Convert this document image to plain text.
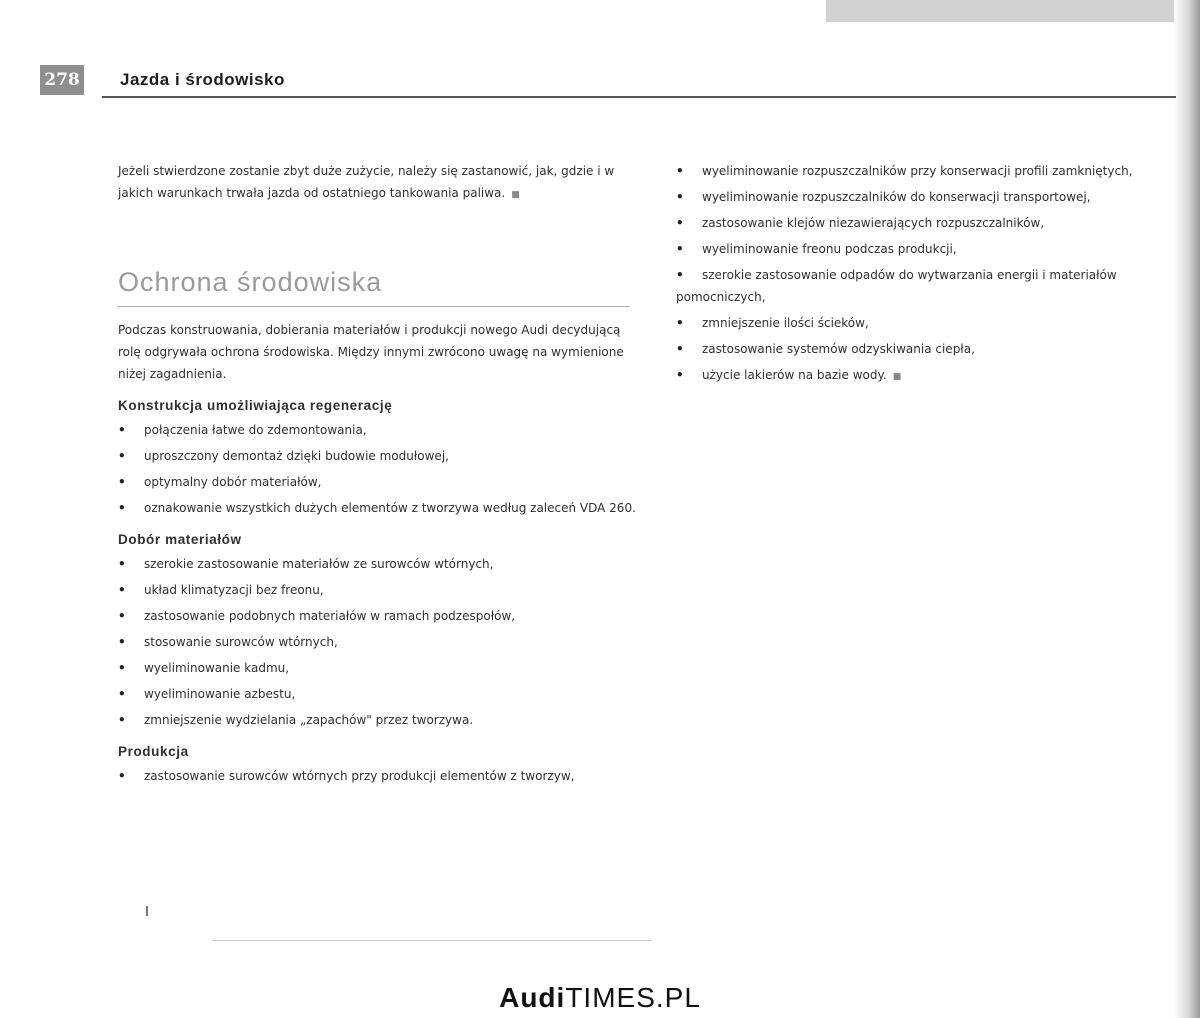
278 Jazda i środowisko

Jeżeli stwierdzone zostanie zbyt duże zużycie, należy się zastanowić, jak, gdzie i w jakich warunkach trwała jazda od ostatniego tankowania paliwa. ■

Ochrona środowiska

Podczas konstruowania, dobierania materiałów i produkcji nowego Audi decydującą rolę odgrywała ochrona środowiska. Między innymi zwrócono uwagę na wymienione niżej zagadnienia.

Konstrukcja umożliwiająca regenerację
• połączenia łatwe do zdemontowania,
• uproszczony demontaż dzięki budowie modułowej,
• optymalny dobór materiałów,
• oznakowanie wszystkich dużych elementów z tworzywa według zaleceń VDA 260.
Dobór materiałów
• szerokie zastosowanie materiałów ze surowców wtórnych,
• układ klimatyzacji bez freonu,
• zastosowanie podobnych materiałów w ramach podzespołów,
• stosowanie surowców wtórnych,
• wyeliminowanie kadmu,
• wyeliminowanie azbestu,
• zmniejszenie wydzielania „zapachów" przez tworzywa.
Produkcja
• zastosowanie surowców wtórnych przy produkcji elementów z tworzyw,
• wyeliminowanie rozpuszczalników przy konserwacji profili zamkniętych,
• wyeliminowanie rozpuszczalników do konserwacji transportowej,
• zastosowanie klejów niezawierających rozpuszczalników,
• wyeliminowanie freonu podczas produkcji,
• szerokie zastosowanie odpadów do wytwarzania energii i materiałów pomocniczych,
• zmniejszenie ilości ścieków,
• zastosowanie systemów odzyskiwania ciepła,
• użycie lakierów na bazie wody. ■
AudiTIMES.PL
